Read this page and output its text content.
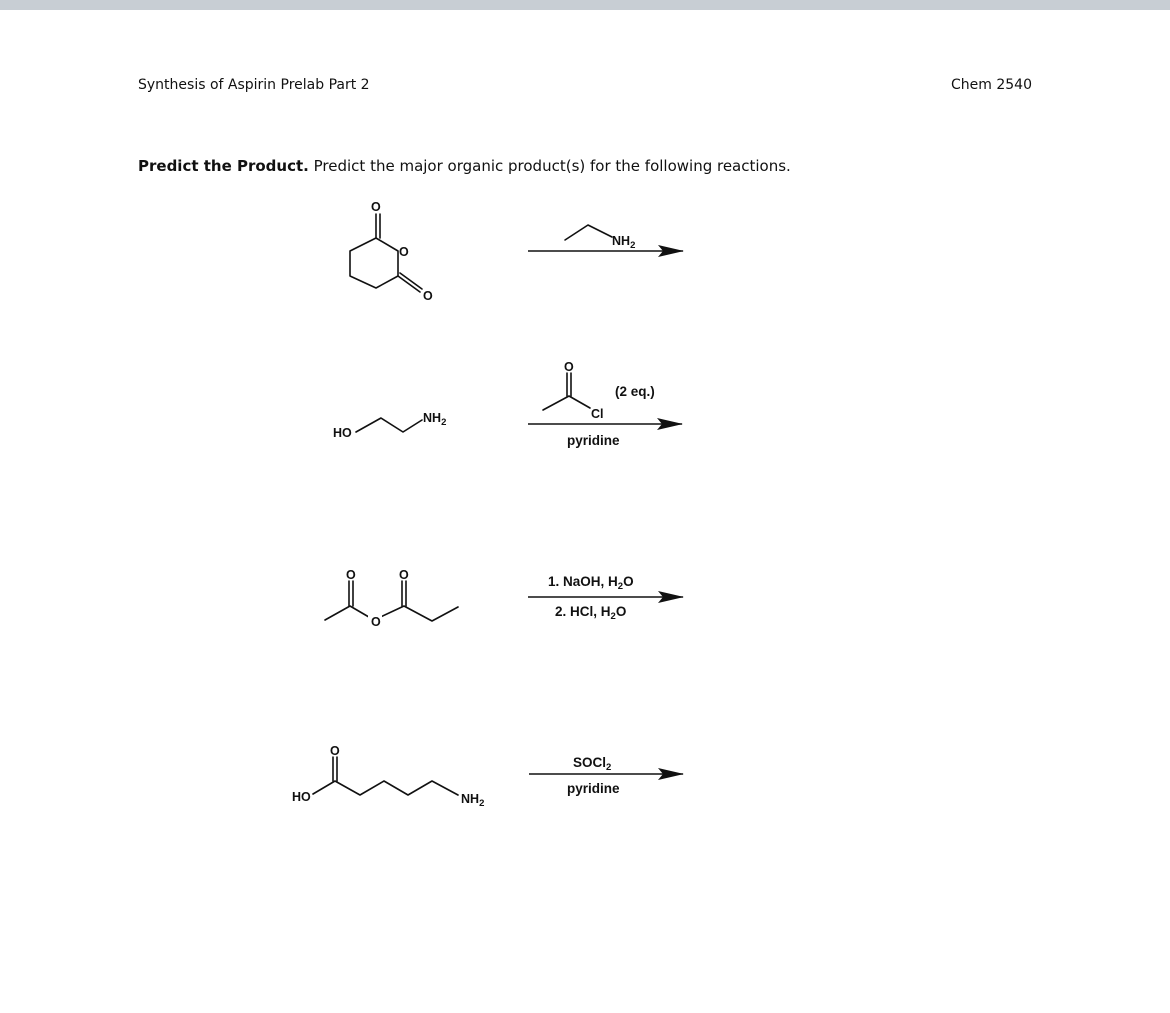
Synthesis of Aspirin Prelab Part 2	Chem 2540
Predict the Product. Predict the major organic product(s) for the following reactions.
O
O
O
$NH_2$
HO
$NH_2$
O
Cl
(2 eq.)
pyridine
O	O
O
1. NaOH, $H_2O$
2. HCl, $H_2O$
HO
O
$NH_2$
SOCl$_2$
pyridine
